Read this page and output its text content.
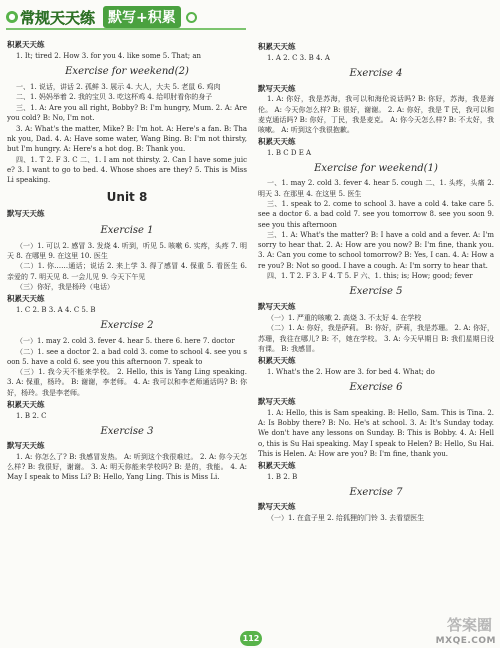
● 常规天天练 默写+积累
积累天天练
1. It; tired 2. How 3. for you 4. like some 5. That; an
Exercise for weekend(2)
一、1. 说话，讲话 2. 孤鲜 3. 展示 4. 大人，大夫 5. 老鼠 6. 鸡肉
二、1. 妈妈举着 2. 我的宝贝 3. 吃这杯鸡 4. 给叩肘看你的身子
三、1. A: Are you all right, Bobby? B: I'm hungry, Mum. 2. A: Are you cold? B: No, I'm not.
3. A: What's the matter, Mike? B: I'm hot. A: Here's a fan. B: Thank you, Dad. 4. A: Have some water, Wang Bing. B: I'm not thirsty, but I'm hungry. A: Here's a hot dog. B: Thank you.
四、1. T 2. F 3. C 二、1. I am not thirsty. 2. Can I have some juice? 3. I want to go to bed. 4. Whose shoes are they? 5. This is Miss Li speaking.
Unit 8
默写天天练
Exercise 1
（一）1. 可以 2. 感冒 3. 发烧 4. 听到，听见 5. 咳嗽 6. 实疼，头疼 7. 明天 8. 在哪里 9. 在这里 10. 医生
（二）1. 你……通话；说话 2. 来上学 3. 得了感冒 4. 保重 5. 看医生 6. 亲爱的 7. 明天见 8. 一会儿见 9. 今天下午见
（三）你好，我是杨玲（电话）
积累天天练
1. C 2. B 3. A 4. C 5. B
Exercise 2
（一）1. may 2. cold 3. fever 4. hear 5. there 6. here 7. doctor
（二）1. see a doctor 2. a bad cold 3. come to school 4. see you soon 5. have a cold 6. see you this afternoon 7. speak to
（三）1. 我今天不能来学校。 2. Hello, this is Yang Ling speaking. 3. A: 保重，杨玲。 B: 谢谢，李老师。 4. A: 我可以和李老师通话吗? B: 你好，杨玲。我是李老师。
积累天天练
1. B 2. C
Exercise 3
默写天天练
1. A: 你怎么了? B: 我感冒发热。 A: 听到这个我很难过。 2. A: 你今天怎么样? B: 我很好，谢谢。 3. A: 明天你能来学校吗? B: 是的，我能。 4. A: May I speak to Miss Li? B: Hello, Yang Ling. This is Miss Li.
积累天天练
1. A 2. C 3. B 4. A
Exercise 4
默写天天练
1. A: 你好，我是苏海，我可以和海伦说话吗? B: 你好，苏海，我是海伦。 A: 今天你怎么样? B: 很好，谢谢。 2. A: 你好，我是 T 民，我可以和麦克通话吗? B: 你好，丁民，我是麦克。 A: 你今天怎么样? B: 不太好，我咳嗽。 A: 听到这个我很抱歉。
积累天天练
1. B C D E A
Exercise for weekend(1)
一、1. may 2. cold 3. fever 4. hear 5. cough 二、1. 头疼，头痛 2. 明天 3. 在那里 4. 在这里 5. 医生
三、1. speak to 2. come to school 3. have a cold 4. take care 5. see a doctor 6. a bad cold 7. see you tomorrow 8. see you soon 9. see you this afternoon
三、1. A: What's the matter? B: I have a cold and a fever. A: I'm sorry to hear that. 2. A: How are you now? B: I'm fine, thank you. 3. A: Can you come to school tomorrow? B: Yes, I can. 4. A: How are you? B: Not so good. I have a cough. A: I'm sorry to hear that.
四、1. T 2. F 3. F 4. T 5. F 六、1. this; is; How; good; fever
Exercise 5
默写天天练
（一）1. 严重的咳嗽 2. 高烧 3. 不太好 4. 在学校
（二）1. A: 你好，我是萨莉。 B: 你好，萨莉，我是苏珊。 2. A: 你好，苏珊，我往在哪儿? B: 不，她在学校。 3. A: 今天早期日 B: 我们星期日没有课。 B: 我感冒。
积累天天练
1. What's the 2. How are 3. for bed 4. What; do
Exercise 6
默写天天练
1. A: Hello, this is Sam speaking. B: Hello, Sam. This is Tina. 2. A: Is Bobby there? B: No. He's at school. 3. A: It's Sunday today. We don't have any lessons on Sunday. B: This is Bobby. 4. A: Hello, this is Su Hai speaking. May I speak to Helen? B: Hello, Su Hai. This is Helen. A: How are you? B: I'm fine, thank you.
积累天天练
1. B 2. B
Exercise 7
默写天天练
（一）1. 在盒子里 2. 给狐狸的门铃 3. 去看望医生
112
答案圈
MXQE.COM
